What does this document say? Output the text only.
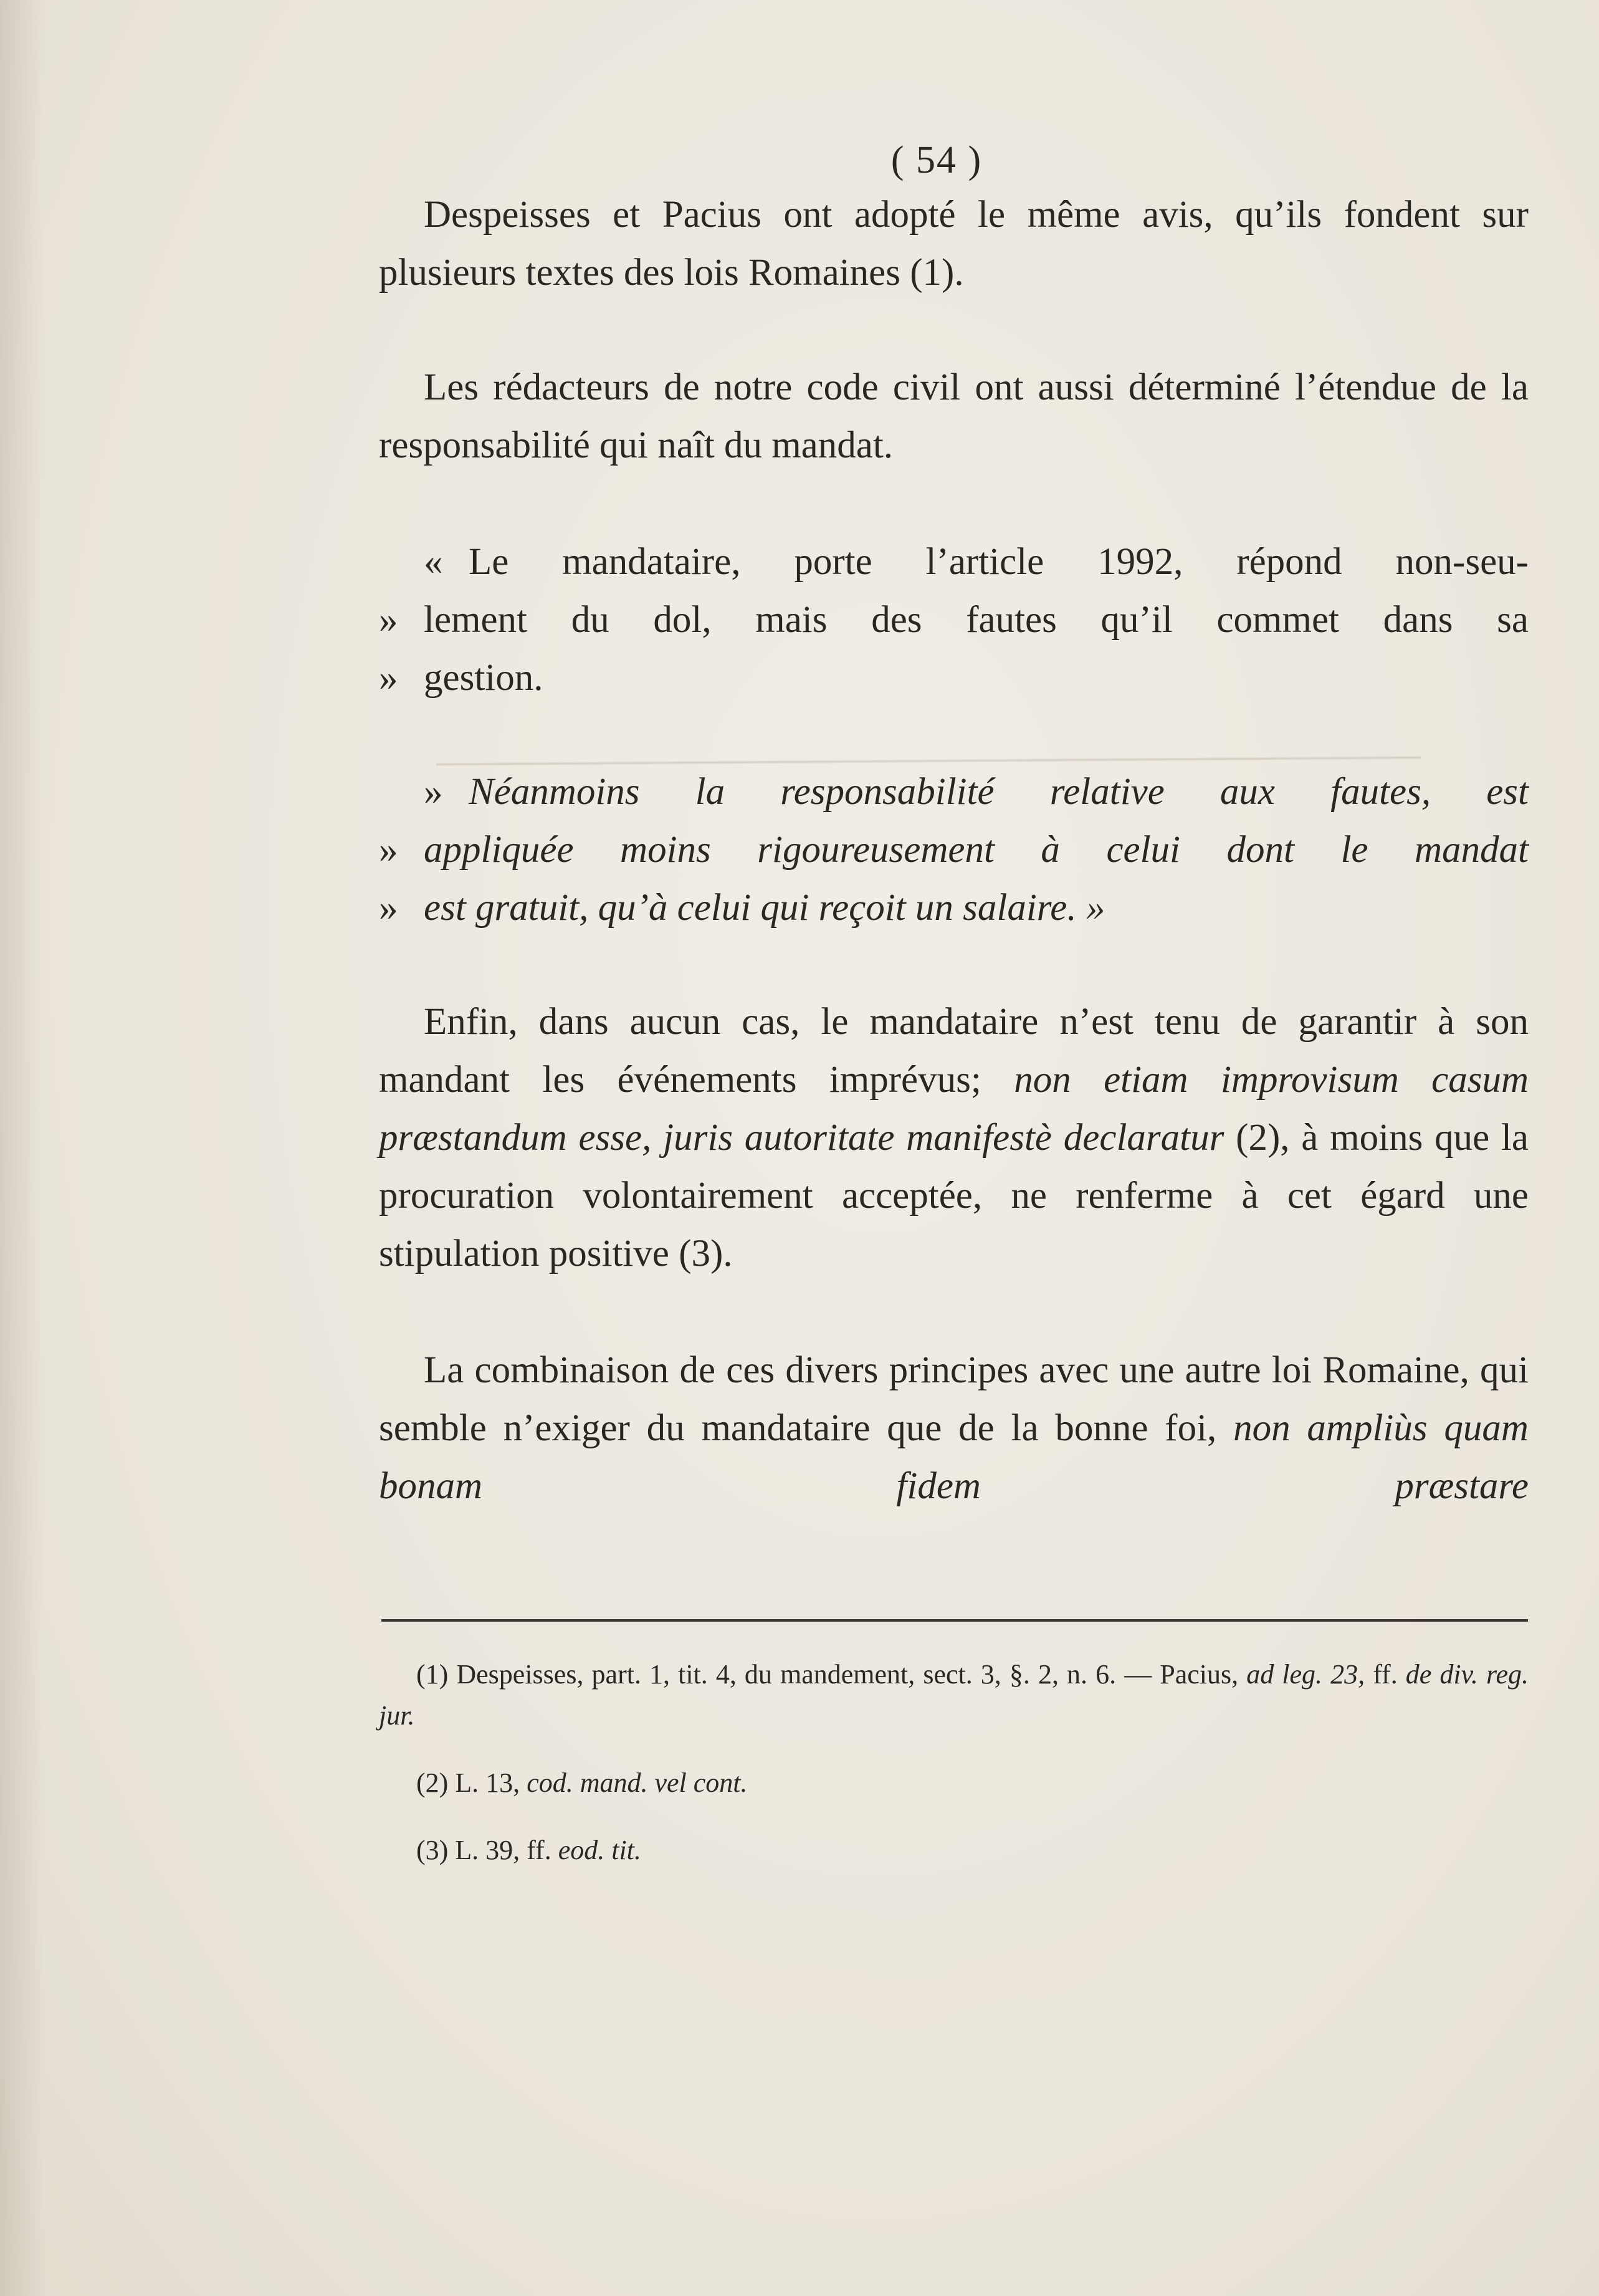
( 54 )

Despeisses et Pacius ont adopté le même avis, qu’ils fondent sur plusieurs textes des lois Romaines (1).

Les rédacteurs de notre code civil ont aussi déterminé l’étendue de la responsabilité qui naît du mandat.

« Le mandataire, porte l’article 1992, répond non-seu-
» lement du dol, mais des fautes qu’il commet dans sa
» gestion.
» Néanmoins la responsabilité relative aux fautes, est
» appliquée moins rigoureusement à celui dont le mandat
» est gratuit, qu’à celui qui reçoit un salaire. »

Enfin, dans aucun cas, le mandataire n’est tenu de garantir à son mandant les événements imprévus; non etiam improvisum casum præstandum esse, juris autoritate manifestè declaratur (2), à moins que la procuration volontairement acceptée, ne renferme à cet égard une stipulation positive (3).

La combinaison de ces divers principes avec une autre loi Romaine, qui semble n’exiger du mandataire que de la bonne foi, non ampliùs quam bonam fidem præstare

(1) Despeisses, part. 1, tit. 4, du mandement, sect. 3, §. 2, n. 6. — Pacius, ad leg. 23, ff. de div. reg. jur.

(2) L. 13, cod. mand. vel cont.

(3) L. 39, ff. eod. tit.
